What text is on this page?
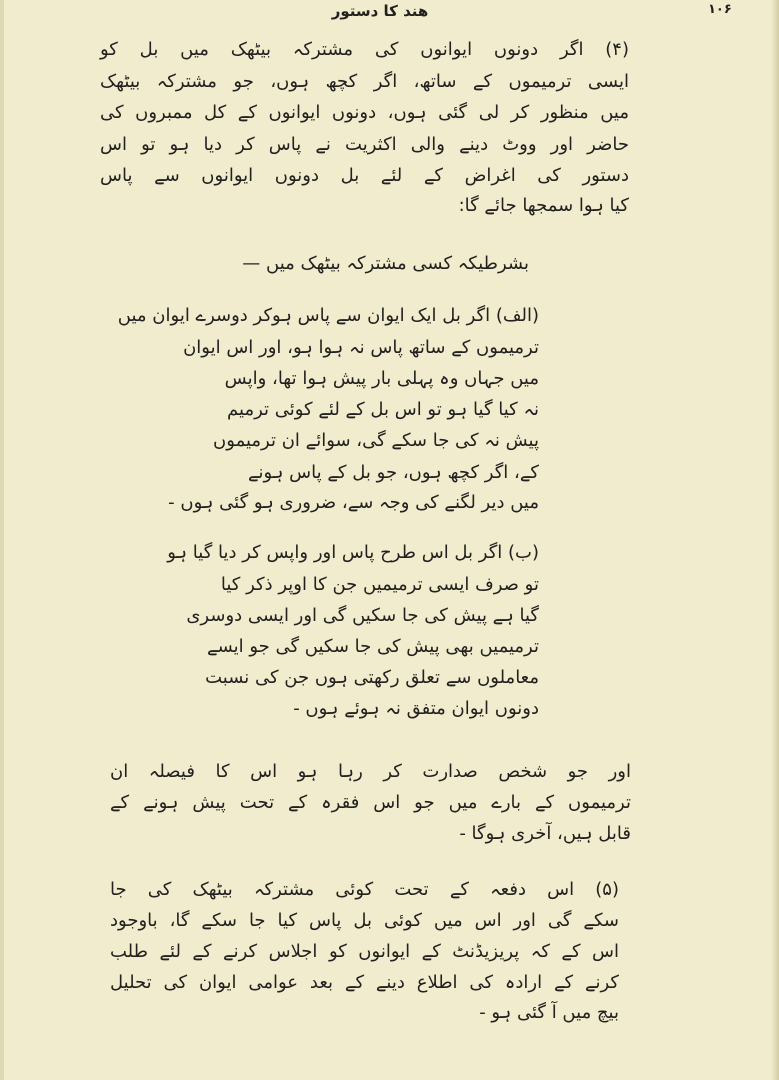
ھند کا دستور	۱۰۶
(۴) اگر دونوں ایوانوں کی مشترکہ بیٹھک میں بل کو
ایسی ترمیموں کے ساتھ، اگر کچھ ہوں، جو مشترکہ بیٹھک
میں منظور کر لی گئی ہوں، دونوں ایوانوں کے کل ممبروں کی
حاضر اور ووٹ دینے والی اکثریت نے پاس کر دیا ہو تو اس
دستور کی اغراض کے لئے بل دونوں ایوانوں سے پاس
کیا ہوا سمجھا جائے گا:
بشرطیکہ کسی مشترکہ بیٹھک میں —
(الف) اگر بل ایک ایوان سے پاس ہوکر دوسرے ایوان میں
ترمیموں کے ساتھ پاس نہ ہوا ہو، اور اس ایوان
میں جہاں وہ پہلی بار پیش ہوا تھا، واپس
نہ کیا گیا ہو تو اس بل کے لئے کوئی ترمیم
پیش نہ کی جا سکے گی، سوائے ان ترمیموں
کے، اگر کچھ ہوں، جو بل کے پاس ہونے
میں دیر لگنے کی وجہ سے، ضروری ہو گئی ہوں -
(ب) اگر بل اس طرح پاس اور واپس کر دیا گیا ہو
تو صرف ایسی ترمیمیں جن کا اوپر ذکر کیا
گیا ہے پیش کی جا سکیں گی اور ایسی دوسری
ترمیمیں بھی پیش کی جا سکیں گی جو ایسے
معاملوں سے تعلق رکھتی ہوں جن کی نسبت
دونوں ایوان متفق نہ ہوئے ہوں -
اور جو شخص صدارت کر رہا ہو اس کا فیصلہ ان
ترمیموں کے بارے میں جو اس فقرہ کے تحت پیش ہونے کے
قابل ہیں، آخری ہوگا -
(۵) اس دفعہ کے تحت کوئی مشترکہ بیٹھک کی جا
سکے گی اور اس میں کوئی بل پاس کیا جا سکے گا، باوجود
اس کے کہ پریزیڈنٹ کے ایوانوں کو اجلاس کرنے کے لئے طلب
کرنے کے ارادہ کی اطلاع دینے کے بعد عوامی ایوان کی تحلیل
بیچ میں آ گئی ہو -
